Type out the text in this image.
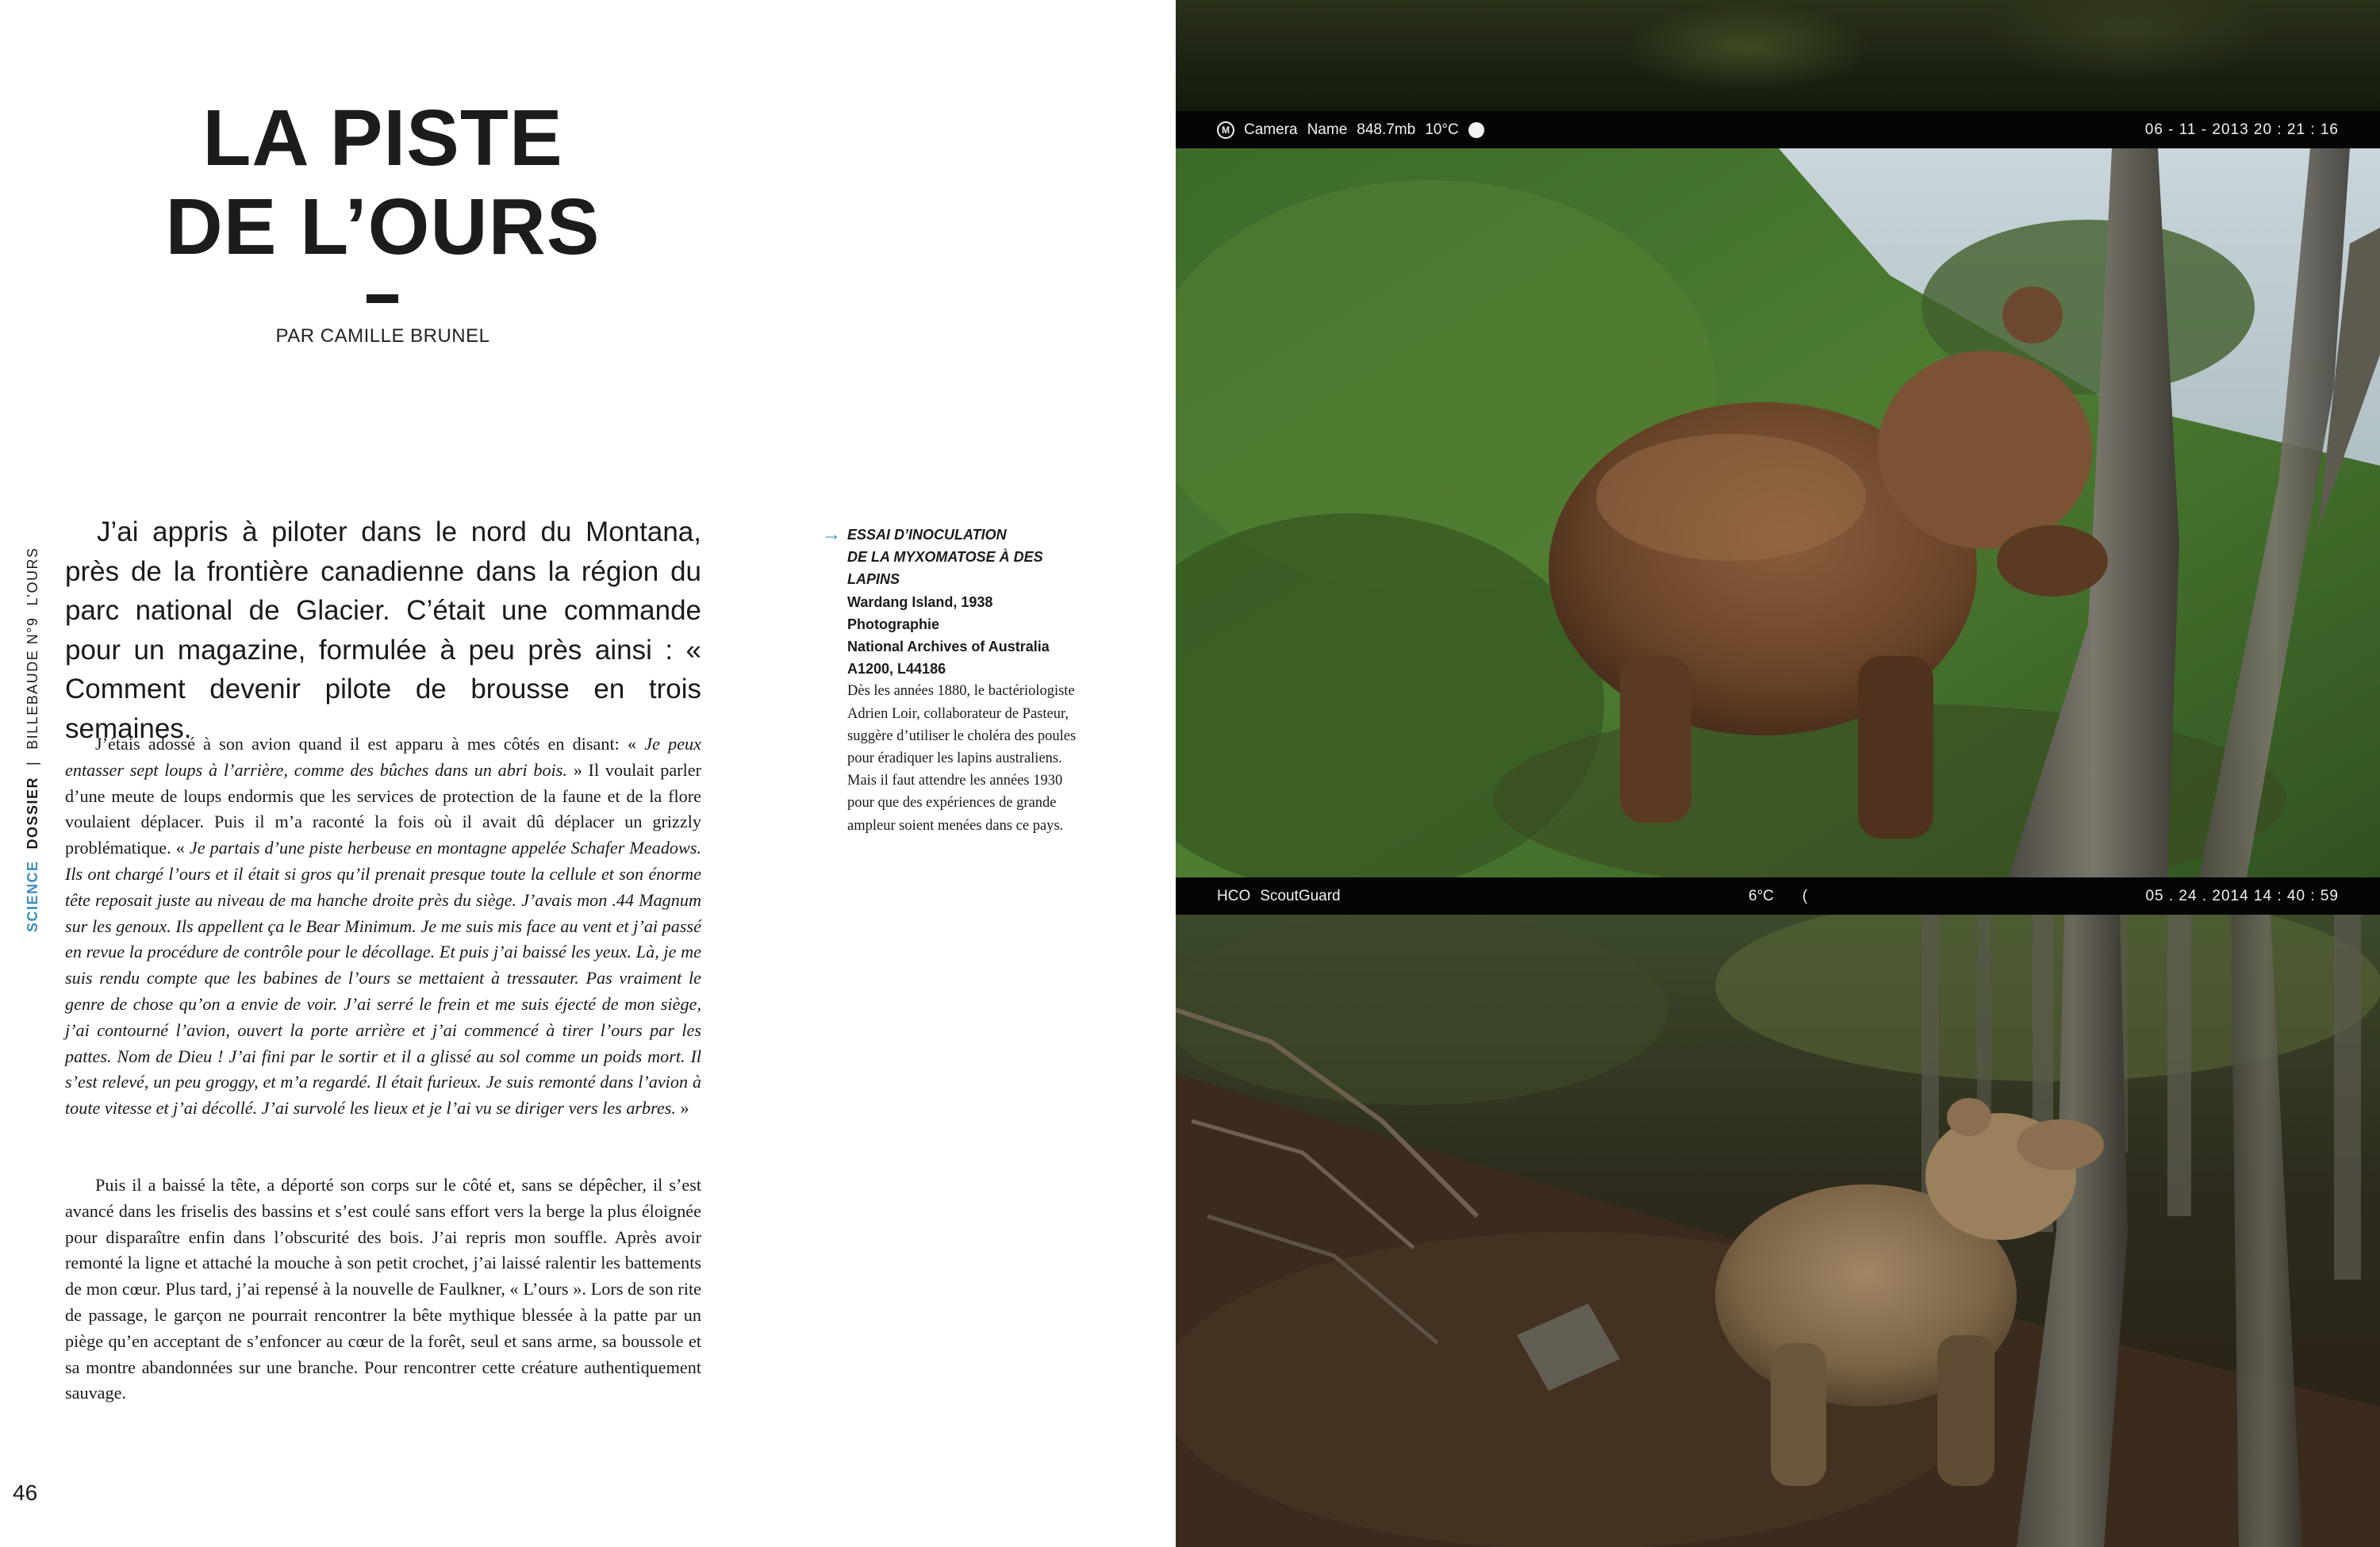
LA PISTE
DE L’OURS
PAR CAMILLE BRUNEL
SCIENCE
DOSSIER
|
BILLEBAUDE N°9
L’OURS

J’ai appris à piloter dans le nord du Montana, près de la frontière canadienne dans la région du parc national de Glacier. C’était une commande pour un magazine, formulée à peu près ainsi : « Comment devenir pilote de brousse en trois semaines.

J’étais adossé à son avion quand il est apparu à mes côtés en disant: « Je peux entasser sept loups à l’arrière, comme des bûches dans un abri bois. » Il voulait parler d’une meute de loups endormis que les services de protection de la faune et de la flore voulaient déplacer. Puis il m’a raconté la fois où il avait dû déplacer un grizzly problématique. « Je partais d’une piste herbeuse en montagne appelée Schafer Meadows. Ils ont chargé l’ours et il était si gros qu’il prenait presque toute la cellule et son énorme tête reposait juste au niveau de ma hanche droite près du siège. J’avais mon .44 Magnum sur les genoux. Ils appellent ça le Bear Minimum. Je me suis mis face au vent et j’ai passé en revue la procédure de contrôle pour le décollage. Et puis j’ai baissé les yeux. Là, je me suis rendu compte que les babines de l’ours se mettaient à tressauter. Pas vraiment le genre de chose qu’on a envie de voir. J’ai serré le frein et me suis éjecté de mon siège, j’ai contourné l’avion, ouvert la porte arrière et j’ai commencé à tirer l’ours par les pattes. Nom de Dieu ! J’ai fini par le sortir et il a glissé au sol comme un poids mort. Il s’est relevé, un peu groggy, et m’a regardé. Il était furieux. Je suis remonté dans l’avion à toute vitesse et j’ai décollé. J’ai survolé les lieux et je l’ai vu se diriger vers les arbres. »

Puis il a baissé la tête, a déporté son corps sur le côté et, sans se dépêcher, il s’est avancé dans les friselis des bassins et s’est coulé sans effort vers la berge la plus éloignée pour disparaître enfin dans l’obscurité des bois. J’ai repris mon souffle. Après avoir remonté la ligne et attaché la mouche à son petit crochet, j’ai laissé ralentir les battements de mon cœur. Plus tard, j’ai repensé à la nouvelle de Faulkner, « L’ours ». Lors de son rite de passage, le garçon ne pourrait rencontrer la bête mythique blessée à la patte par un piège qu’en acceptant de s’enfoncer au cœur de la forêt, seul et sans arme, sa boussole et sa montre abandonnées sur une branche. Pour rencontrer cette créature authentiquement sauvage.

→ ESSAI D’INOCULATION
DE LA MYXOMATOSE À DES LAPINS
Wardang Island, 1938
Photographie
National Archives of Australia
A1200, L44186
Dès les années 1880, le bactériologiste Adrien Loir, collaborateur de Pasteur, suggère d’utiliser le choléra des poules pour éradiquer les lapins australiens. Mais il faut attendre les années 1930 pour que des expériences de grande ampleur soient menées dans ce pays.
46
M Camera Name 848.7mb 10°C	06 - 11 - 2013 20 : 21 : 16
HCO ScoutGuard	6°C (	05 . 24 . 2014 14 : 40 : 59
